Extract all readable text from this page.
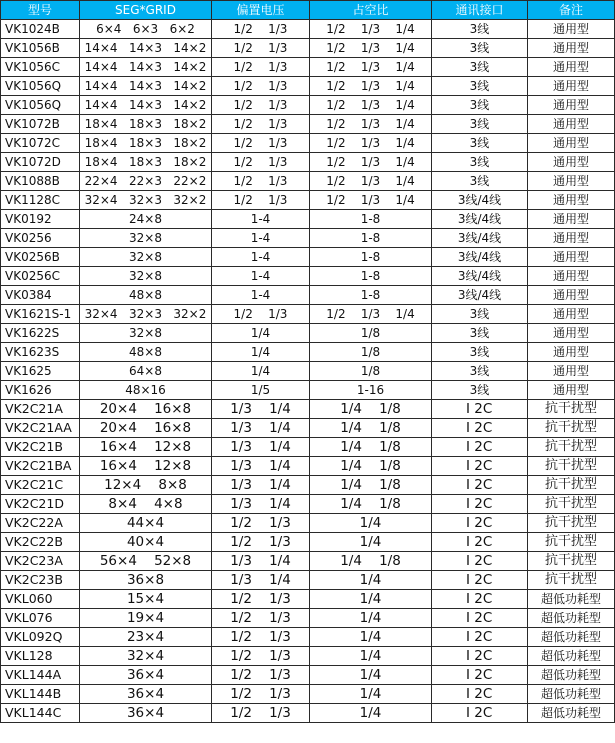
型号	SEG*GRID	偏置电压	占空比	通讯接口	备注
VK1024B	6×4   6×3   6×2	1/2    1/3	1/2    1/3    1/4	3线	通用型
VK1056B	14×4   14×3   14×2	1/2    1/3	1/2    1/3    1/4	3线	通用型
VK1056C	14×4   14×3   14×2	1/2    1/3	1/2    1/3    1/4	3线	通用型
VK1056Q	14×4   14×3   14×2	1/2    1/3	1/2    1/3    1/4	3线	通用型
VK1056Q	14×4   14×3   14×2	1/2    1/3	1/2    1/3    1/4	3线	通用型
VK1072B	18×4   18×3   18×2	1/2    1/3	1/2    1/3    1/4	3线	通用型
VK1072C	18×4   18×3   18×2	1/2    1/3	1/2    1/3    1/4	3线	通用型
VK1072D	18×4   18×3   18×2	1/2    1/3	1/2    1/3    1/4	3线	通用型
VK1088B	22×4   22×3   22×2	1/2    1/3	1/2    1/3    1/4	3线	通用型
VK1128C	32×4   32×3   32×2	1/2    1/3	1/2    1/3    1/4	3线/4线	通用型
VK0192	24×8	1-4	1-8	3线/4线	通用型
VK0256	32×8	1-4	1-8	3线/4线	通用型
VK0256B	32×8	1-4	1-8	3线/4线	通用型
VK0256C	32×8	1-4	1-8	3线/4线	通用型
VK0384	48×8	1-4	1-8	3线/4线	通用型
VK1621S-1	32×4   32×3   32×2	1/2    1/3	1/2    1/3    1/4	3线	通用型
VK1622S	32×8	1/4	1/8	3线	通用型
VK1623S	48×8	1/4	1/8	3线	通用型
VK1625	64×8	1/4	1/8	3线	通用型
VK1626	48×16	1/5	1-16	3线	通用型
VK2C21A	20×4    16×8	1/3    1/4	1/4    1/8	I 2C	抗干扰型
VK2C21AA	20×4    16×8	1/3    1/4	1/4    1/8	I 2C	抗干扰型
VK2C21B	16×4    12×8	1/3    1/4	1/4    1/8	I 2C	抗干扰型
VK2C21BA	16×4    12×8	1/3    1/4	1/4    1/8	I 2C	抗干扰型
VK2C21C	12×4    8×8	1/3    1/4	1/4    1/8	I 2C	抗干扰型
VK2C21D	8×4    4×8	1/3    1/4	1/4    1/8	I 2C	抗干扰型
VK2C22A	44×4	1/2    1/3	1/4	I 2C	抗干扰型
VK2C22B	40×4	1/2    1/3	1/4	I 2C	抗干扰型
VK2C23A	56×4    52×8	1/3    1/4	1/4    1/8	I 2C	抗干扰型
VK2C23B	36×8	1/3    1/4	1/4	I 2C	抗干扰型
VKL060	15×4	1/2    1/3	1/4	I 2C	超低功耗型
VKL076	19×4	1/2    1/3	1/4	I 2C	超低功耗型
VKL092Q	23×4	1/2    1/3	1/4	I 2C	超低功耗型
VKL128	32×4	1/2    1/3	1/4	I 2C	超低功耗型
VKL144A	36×4	1/2    1/3	1/4	I 2C	超低功耗型
VKL144B	36×4	1/2    1/3	1/4	I 2C	超低功耗型
VKL144C	36×4	1/2    1/3	1/4	I 2C	超低功耗型
